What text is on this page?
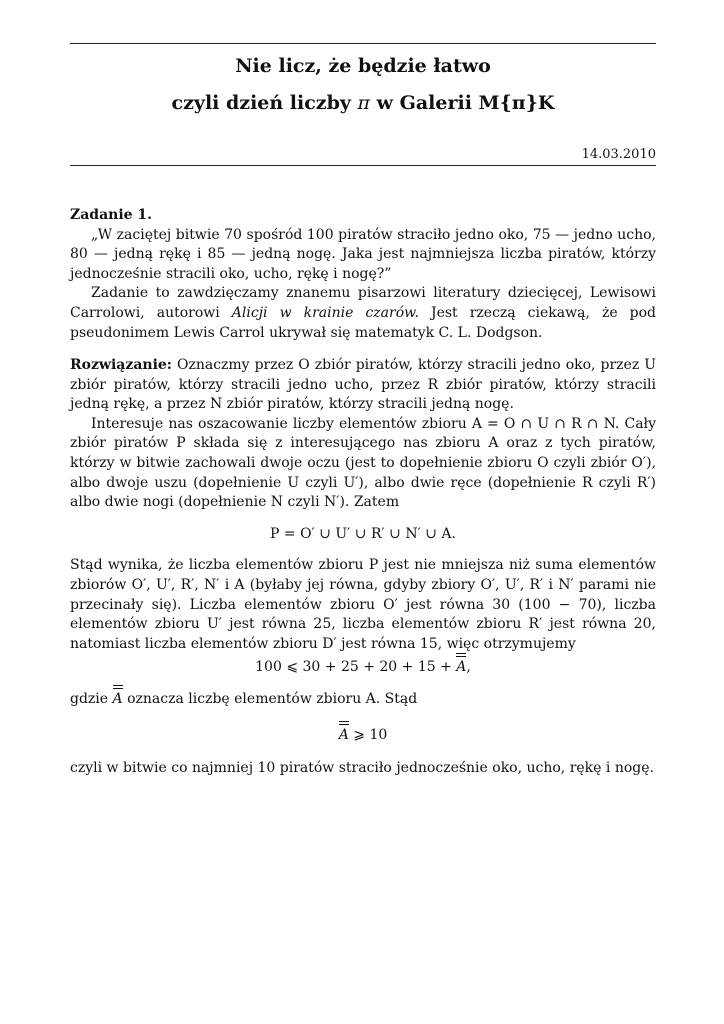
Nie licz, że będzie łatwo
czyli dzień liczby π w Galerii M{π}K
14.03.2010

Zadanie 1.

„W zaciętej bitwie 70 spośród 100 piratów straciło jedno oko, 75 — jedno ucho, 80 — jedną rękę i 85 — jedną nogę. Jaka jest najmniejsza liczba piratów, którzy jednocześnie stracili oko, ucho, rękę i nogę?”

Zadanie to zawdzięczamy znanemu pisarzowi literatury dziecięcej, Lewisowi Carrolowi, autorowi Alicji w krainie czarów. Jest rzeczą ciekawą, że pod pseudonimem Lewis Carrol ukrywał się matematyk C. L. Dodgson.

Rozwiązanie: Oznaczmy przez O zbiór piratów, którzy stracili jedno oko, przez U zbiór piratów, którzy stracili jedno ucho, przez R zbiór piratów, którzy stracili jedną rękę, a przez N zbiór piratów, którzy stracili jedną nogę.

Interesuje nas oszacowanie liczby elementów zbioru A = O ∩ U ∩ R ∩ N. Cały zbiór piratów P składa się z interesującego nas zbioru A oraz z tych piratów, którzy w bitwie zachowali dwoje oczu (jest to dopełnienie zbioru O czyli zbiór O′), albo dwoje uszu (dopełnienie U czyli U′), albo dwie ręce (dopełnienie R czyli R′) albo dwie nogi (dopełnienie N czyli N′). Zatem

P = O′ ∪ U′ ∪ R′ ∪ N′ ∪ A.

Stąd wynika, że liczba elementów zbioru P jest nie mniejsza niż suma elementów zbiorów O′, U′, R′, N′ i A (byłaby jej równa, gdyby zbiory O′, U′, R′ i N′ parami nie przecinały się). Liczba elementów zbioru O′ jest równa 30 (100 − 70), liczba elementów zbioru U′ jest równa 25, liczba elementów zbioru R′ jest równa 20, natomiast liczba elementów zbioru D′ jest równa 15, więc otrzymujemy

100 ⩽ 30 + 25 + 20 + 15 + A,

gdzie A oznacza liczbę elementów zbioru A. Stąd

A ⩾ 10

czyli w bitwie co najmniej 10 piratów straciło jednocześnie oko, ucho, rękę i nogę.
